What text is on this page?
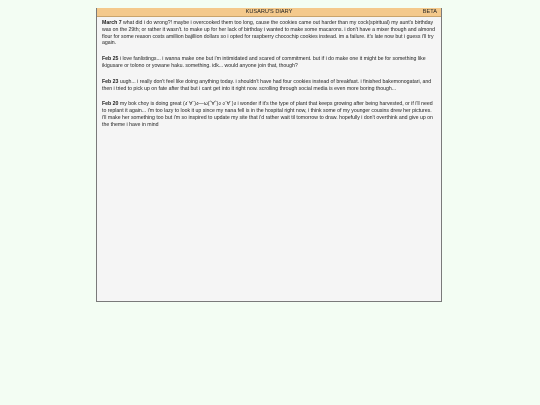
KUSARU'S DIARY	BETA
March 7 what did i do wrong?! maybe i overcooked them too long, cause the cookies came out harder than my cock(spiritual) my aunt's birthday was on the 29th; or rather it wasn't. to make up for her lack of birthday i wanted to make some macarons. i don't have a mixer though and almond flour for some reason costs amillion bajillion dollars so i opted for raspberry chocochip cookies instead. im a failure. it's late now but i guess i'll try again.
Feb 25 i love fanlistings... i wanna make one but i'm intimidated and scared of commitment. but if i do make one it might be for something like ikigusare or tolono or yowane haku. something. idk... would anyone join that, though?
Feb 23 uugh... i really don't feel like doing anything today. i shouldn't have had four cookies instead of breakfast. i finished bakemonogatari, and then i tried to pick up on fate after that but i cant get into it right now. scrolling through social media is even more boring though...
Feb 20 my bok choy is doing great (ง˙∀˙)ง—ω(ˆ∀ˆ)ง ง˙∀˙)ง i wonder if it's the type of plant that keeps growing after being harvested, or if i'll need to replant it again... i'm too lazy to look it up since my nana fell is in the hospital right now, i think some of my younger cousins drew her pictures. i'll make her something too but i'm so inspired to update my site that i'd rather wait til tomorrow to draw. hopefully i don't overthink and give up on the theme i have in mind
